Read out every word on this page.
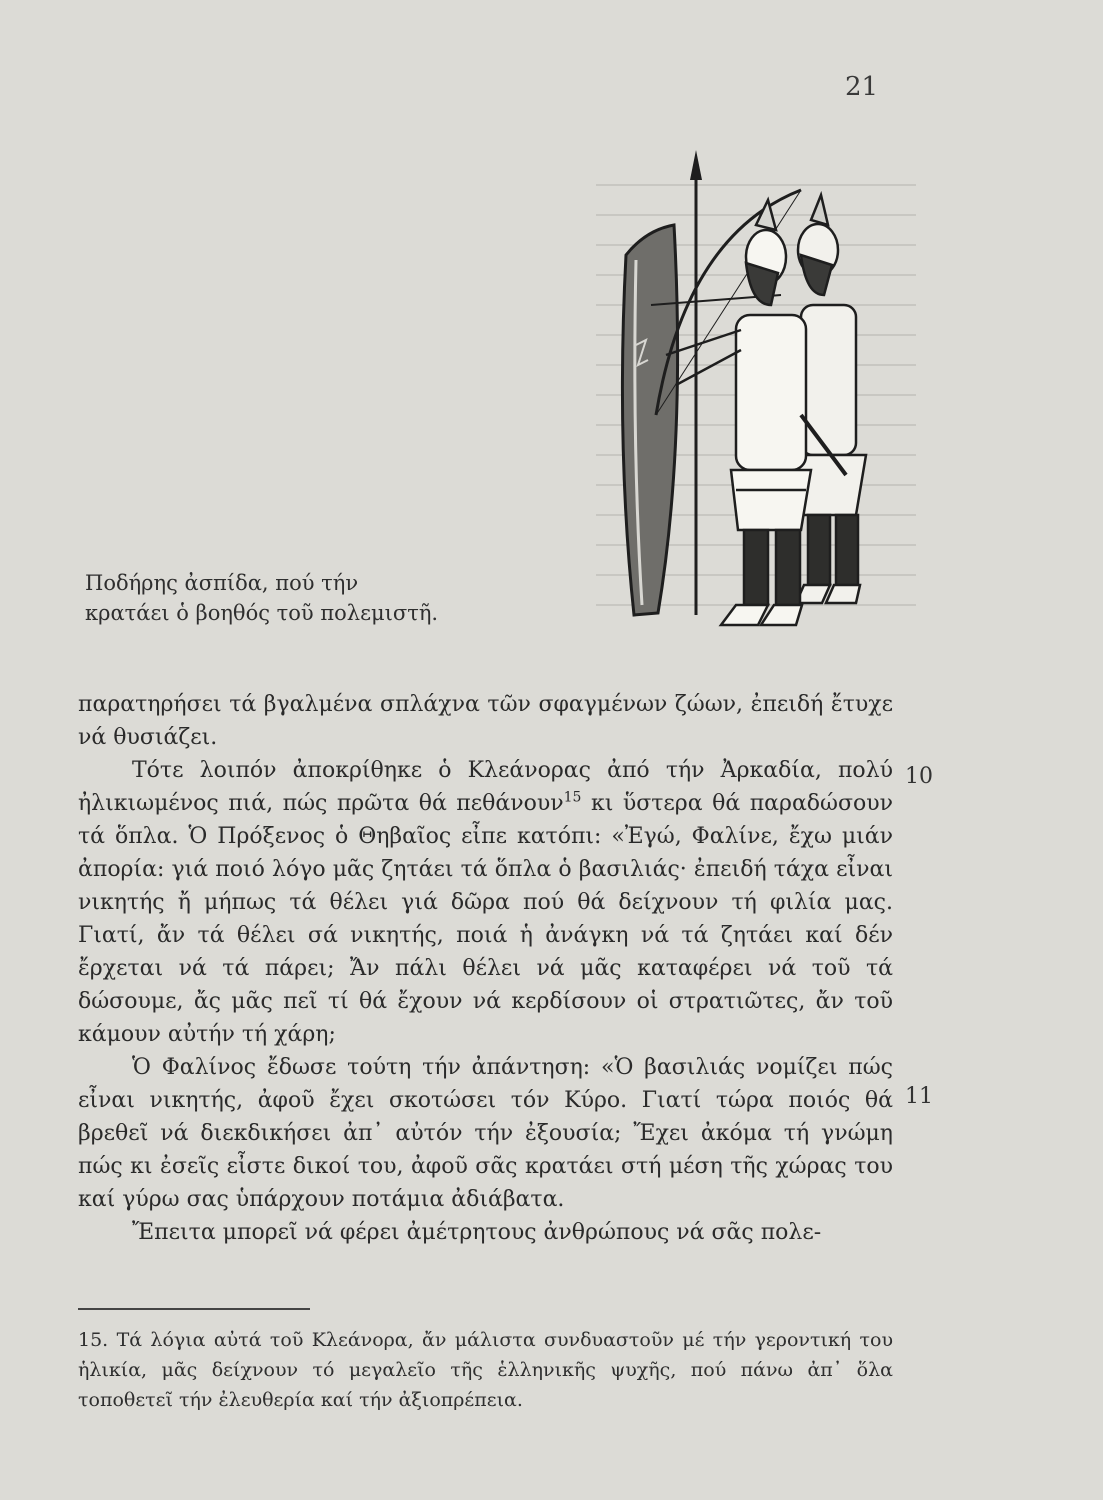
21
Ποδήρης ἀσπίδα, πού τήν κρατάει ὁ βοηθός τοῦ πολεμιστῆ.

παρατηρήσει τά βγαλμένα σπλάχνα τῶν σφαγμένων ζώων, ἐπειδή ἔτυχε νά θυσιάζει.

Τότε λοιπόν ἀποκρίθηκε ὁ Κλεάνορας ἀπό τήν Ἀρκαδία, πολύ ἠλικιωμένος πιά, πώς πρῶτα θά πεθάνουν$^{15}$ κι ὕστερα θά παραδώσουν τά ὅπλα. Ὁ Πρόξενος ὁ Θηβαῖος εἶπε κατόπι: «Ἐγώ, Φαλίνε, ἔχω μιάν ἀπορία: γιά ποιό λόγο μᾶς ζητάει τά ὅπλα ὁ βασιλιάς· ἐπειδή τάχα εἶναι νικητής ἤ μήπως τά θέλει γιά δῶρα πού θά δείχνουν τή φιλία μας. Γιατί, ἄν τά θέλει σά νικητής, ποιά ἡ ἀνάγκη νά τά ζητάει καί δέν ἔρχεται νά τά πάρει; Ἄν πάλι θέλει νά μᾶς καταφέρει νά τοῦ τά δώσουμε, ἄς μᾶς πεῖ τί θά ἔχουν νά κερδίσουν οἱ στρατιῶτες, ἄν τοῦ κάμουν αὐτήν τή χάρη;

Ὁ Φαλίνος ἔδωσε τούτη τήν ἀπάντηση: «Ὁ βασιλιάς νομίζει πώς εἶναι νικητής, ἀφοῦ ἔχει σκοτώσει τόν Κύρο. Γιατί τώρα ποιός θά βρεθεῖ νά διεκδικήσει ἀπ᾽ αὐτόν τήν ἐξουσία; Ἔχει ἀκόμα τή γνώμη πώς κι ἐσεῖς εἶστε δικοί του, ἀφοῦ σᾶς κρατάει στή μέση τῆς χώρας του καί γύρω σας ὑπάρχουν ποτάμια ἀδιάβατα.

Ἔπειτα μπορεῖ νά φέρει ἀμέτρητους ἀνθρώπους νά σᾶς πολε-

10
11
15. Τά λόγια αὐτά τοῦ Κλεάνορα, ἄν μάλιστα συνδυαστοῦν μέ τήν γεροντική του ἡλικία, μᾶς δείχνουν τό μεγαλεῖο τῆς ἑλληνικῆς ψυχῆς, πού πάνω ἀπ᾽ ὅλα τοποθετεῖ τήν ἐλευθερία καί τήν ἀξιοπρέπεια.
